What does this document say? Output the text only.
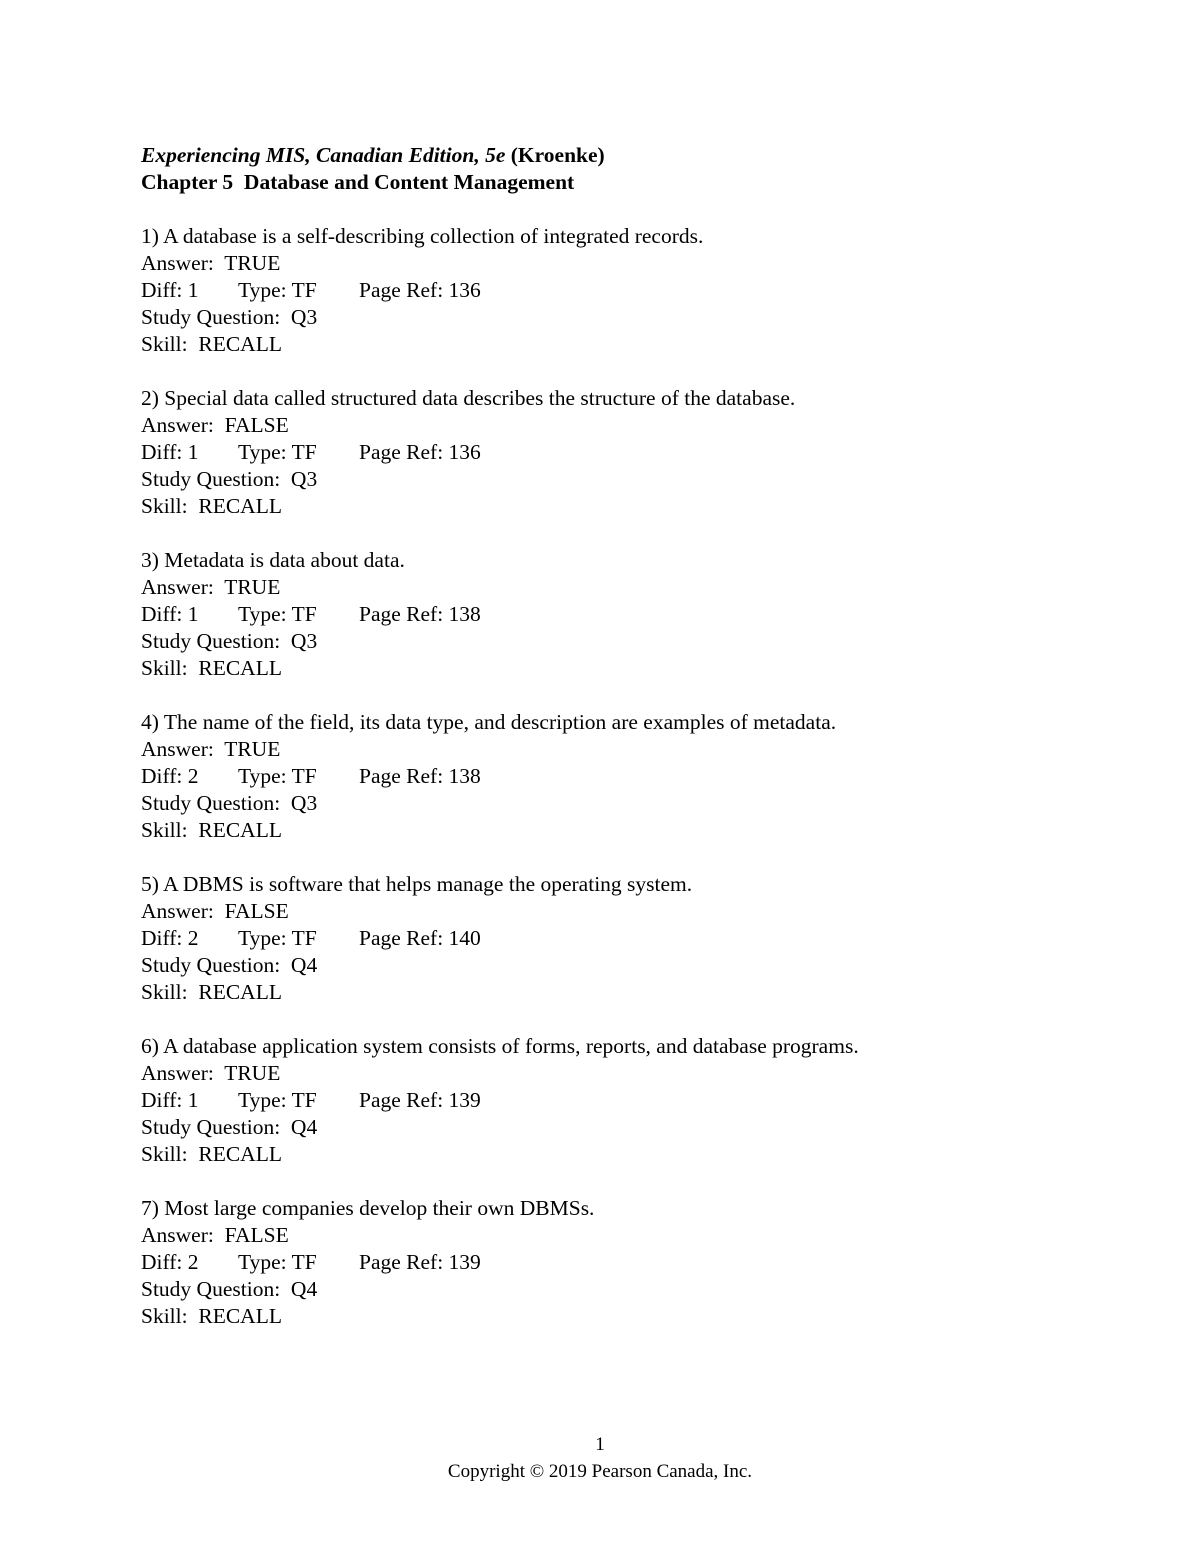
Experiencing MIS, Canadian Edition, 5e (Kroenke)
Chapter 5  Database and Content Management
1) A database is a self-describing collection of integrated records.
Answer:  TRUE
Diff: 1	Type: TF	Page Ref: 136
Study Question:  Q3
Skill:  RECALL
2) Special data called structured data describes the structure of the database.
Answer:  FALSE
Diff: 1	Type: TF	Page Ref: 136
Study Question:  Q3
Skill:  RECALL
3) Metadata is data about data.
Answer:  TRUE
Diff: 1	Type: TF	Page Ref: 138
Study Question:  Q3
Skill:  RECALL
4) The name of the field, its data type, and description are examples of metadata.
Answer:  TRUE
Diff: 2	Type: TF	Page Ref: 138
Study Question:  Q3
Skill:  RECALL
5) A DBMS is software that helps manage the operating system.
Answer:  FALSE
Diff: 2	Type: TF	Page Ref: 140
Study Question:  Q4
Skill:  RECALL
6) A database application system consists of forms, reports, and database programs.
Answer:  TRUE
Diff: 1	Type: TF	Page Ref: 139
Study Question:  Q4
Skill:  RECALL
7) Most large companies develop their own DBMSs.
Answer:  FALSE
Diff: 2	Type: TF	Page Ref: 139
Study Question:  Q4
Skill:  RECALL
1
Copyright © 2019 Pearson Canada, Inc.
